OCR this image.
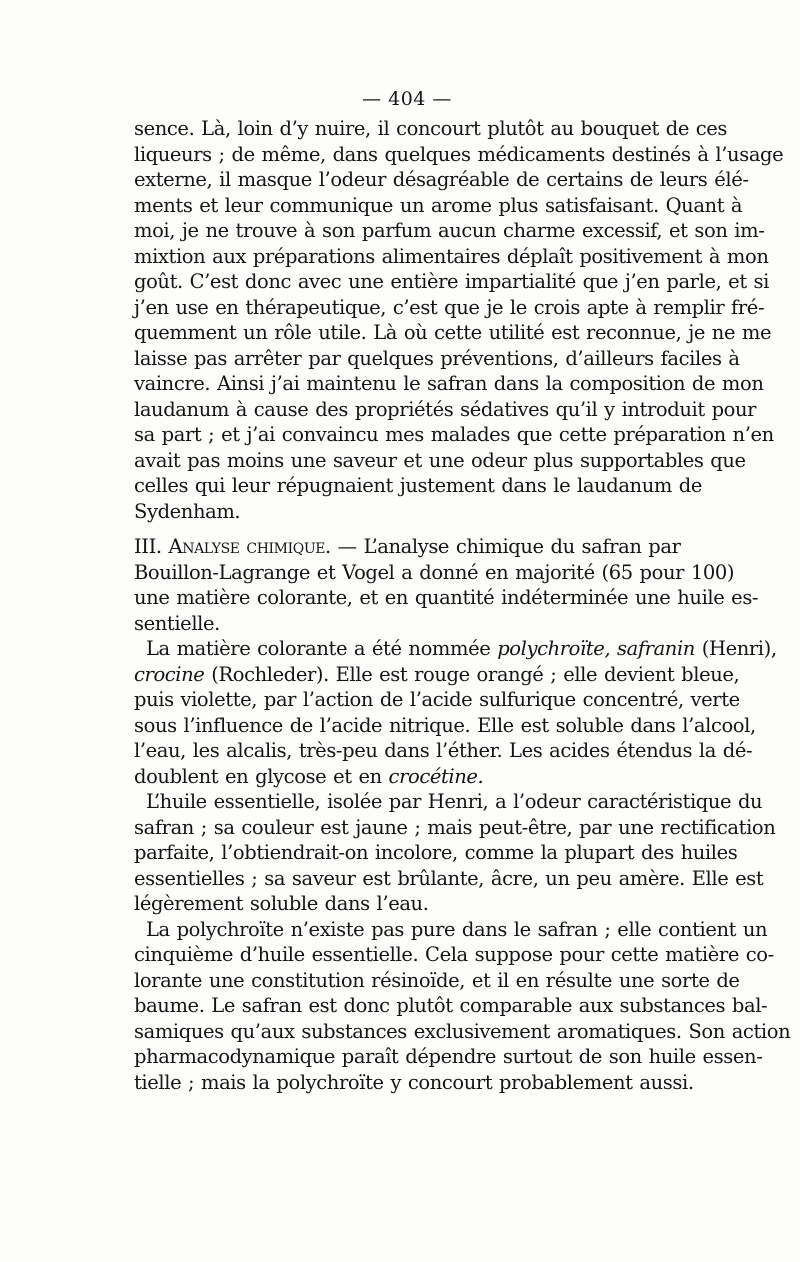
— 404 —
sence. Là, loin d’y nuire, il concourt plutôt au bouquet de ces
liqueurs ; de même, dans quelques médicaments destinés à l’usage
externe, il masque l’odeur désagréable de certains de leurs élé-
ments et leur communique un arome plus satisfaisant. Quant à
moi, je ne trouve à son parfum aucun charme excessif, et son im-
mixtion aux préparations alimentaires déplaît positivement à mon
goût. C’est donc avec une entière impartialité que j’en parle, et si
j’en use en thérapeutique, c’est que je le crois apte à remplir fré-
quemment un rôle utile. Là où cette utilité est reconnue, je ne me
laisse pas arrêter par quelques préventions, d’ailleurs faciles à
vaincre. Ainsi j’ai maintenu le safran dans la composition de mon
laudanum à cause des propriétés sédatives qu’il y introduit pour
sa part ; et j’ai convaincu mes malades que cette préparation n’en
avait pas moins une saveur et une odeur plus supportables que
celles qui leur répugnaient justement dans le laudanum de
Sydenham.
III. Analyse chimique. — L’analyse chimique du safran par
Bouillon-Lagrange et Vogel a donné en majorité (65 pour 100)
une matière colorante, et en quantité indéterminée une huile es-
sentielle.
La matière colorante a été nommée polychroïte, safranin (Henri),
crocine (Rochleder). Elle est rouge orangé ; elle devient bleue,
puis violette, par l’action de l’acide sulfurique concentré, verte
sous l’influence de l’acide nitrique. Elle est soluble dans l’alcool,
l’eau, les alcalis, très-peu dans l’éther. Les acides étendus la dé-
doublent en glycose et en crocétine.
L’huile essentielle, isolée par Henri, a l’odeur caractéristique du
safran ; sa couleur est jaune ; mais peut-être, par une rectification
parfaite, l’obtiendrait-on incolore, comme la plupart des huiles
essentielles ; sa saveur est brûlante, âcre, un peu amère. Elle est
légèrement soluble dans l’eau.
La polychroïte n’existe pas pure dans le safran ; elle contient un
cinquième d’huile essentielle. Cela suppose pour cette matière co-
lorante une constitution résinoïde, et il en résulte une sorte de
baume. Le safran est donc plutôt comparable aux substances bal-
samiques qu’aux substances exclusivement aromatiques. Son action
pharmacodynamique paraît dépendre surtout de son huile essen-
tielle ; mais la polychroïte y concourt probablement aussi.
